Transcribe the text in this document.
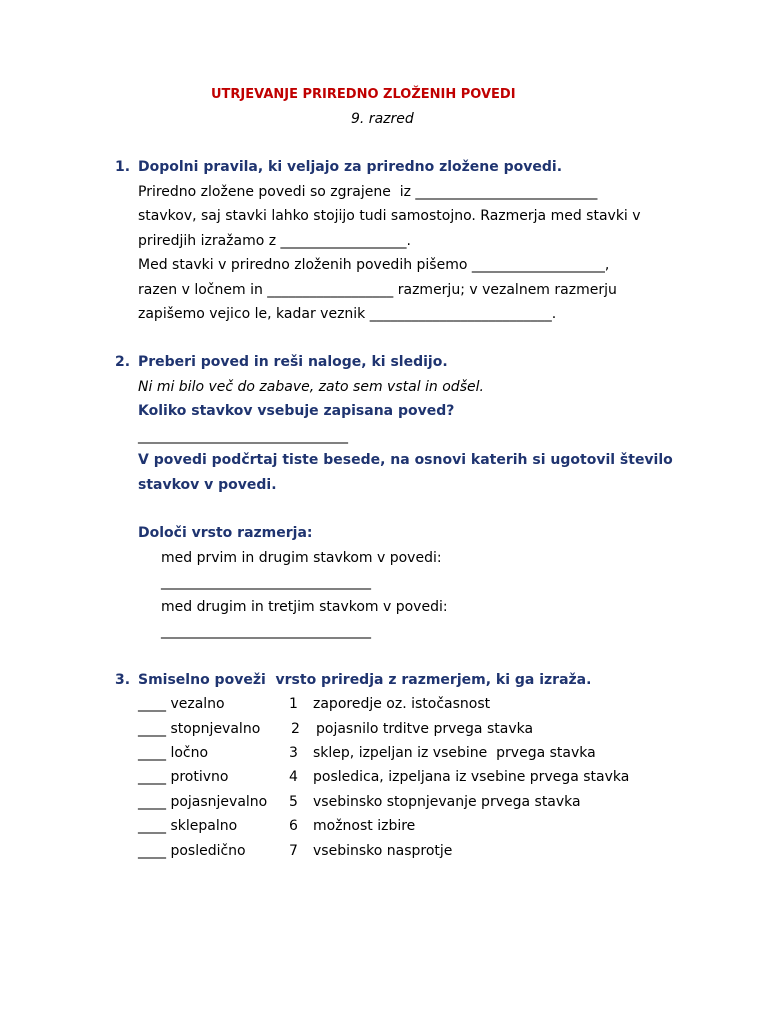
UTRJEVANJE PRIREDNO ZLOŽENIH POVEDI
9. razred
1. Dopolni pravila, ki veljajo za priredno zložene povedi.
Priredno zložene povedi so zgrajene  iz __________________________
stavkov, saj stavki lahko stojijo tudi samostojno. Razmerja med stavki v
priredjih izražamo z __________________.
Med stavki v priredno zloženih povedih pišemo ___________________,
razen v ločnem in __________________ razmerju; v vezalnem razmerju
zapišemo vejico le, kadar veznik __________________________.
2. Preberi poved in reši naloge, ki sledijo.
Ni mi bilo več do zabave, zato sem vstal in odšel.
Koliko stavkov vsebuje zapisana poved?
______________________________
V povedi podčrtaj tiste besede, na osnovi katerih si ugotovil število
stavkov v povedi.
Določi vrsto razmerja:
med prvim in drugim stavkom v povedi:
______________________________
med drugim in tretjim stavkom v povedi:
______________________________
3. Smiselno poveži  vrsto priredja z razmerjem, ki ga izraža.
____ vezalno
____ stopnjevalno
____ ločno
____ protivno
____ pojasnjevalno
____ sklepalno
____ posledično
1
2
3
4
5
6
7
zaporedje oz. istočasnost
pojasnilo trditve prvega stavka
sklep, izpeljan iz vsebine  prvega stavka
posledica, izpeljana iz vsebine prvega stavka
vsebinsko stopnjevanje prvega stavka
možnost izbire
vsebinsko nasprotje
